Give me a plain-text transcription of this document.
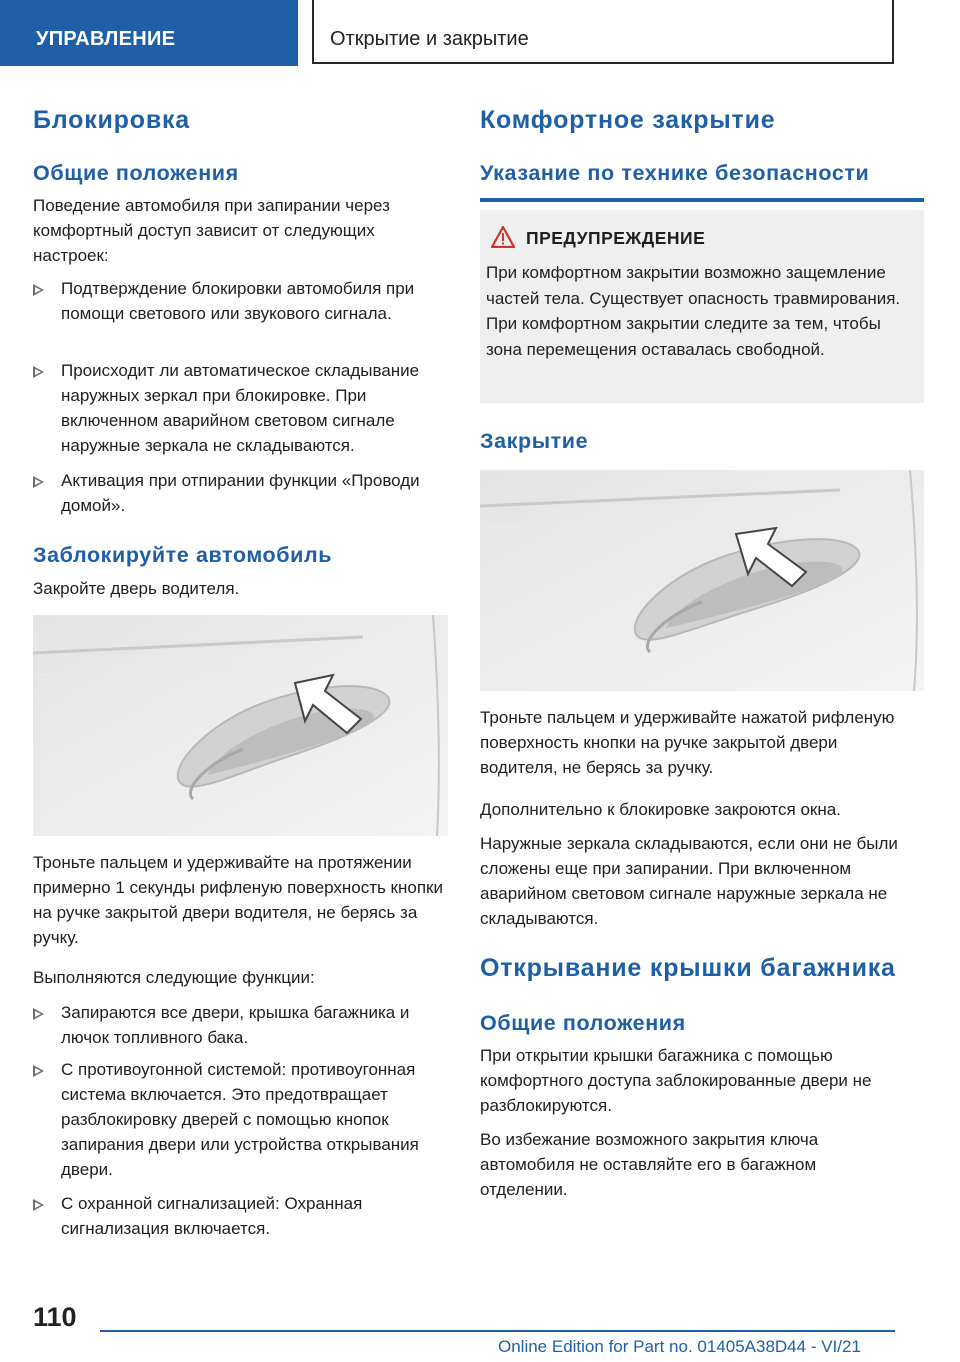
УПРАВЛЕНИЕ	Открытие и закрытие
Блокировка
Общие положения
Поведение автомобиля при запирании через комфортный доступ зависит от следующих настроек:
Подтверждение блокировки автомобиля при помощи светового или звукового сигнала.
Происходит ли автоматическое складывание наружных зеркал при блокировке. При включенном аварийном световом сигнале наружные зеркала не складываются.
Активация при отпирании функции «Проводи домой».
Заблокируйте автомобиль
Закройте дверь водителя.
Троньте пальцем и удерживайте на протяжении примерно 1 секунды рифленую поверхность кнопки на ручке закрытой двери водителя, не берясь за ручку.
Выполняются следующие функции:
Запираются все двери, крышка багажника и лючок топливного бака.
С противоугонной системой: противоугонная система включается. Это предотвращает разблокировку дверей с помощью кнопок запирания двери или устройства открывания двери.
С охранной сигнализацией: Охранная сигнализация включается.
Комфортное закрытие
Указание по технике безопасности
ПРЕДУПРЕЖДЕНИЕ
При комфортном закрытии возможно защемление частей тела. Существует опасность травмирования. При комфортном закрытии следите за тем, чтобы зона перемещения оставалась свободной.
Закрытие
Троньте пальцем и удерживайте нажатой рифленую поверхность кнопки на ручке закрытой двери водителя, не берясь за ручку.
Дополнительно к блокировке закроются окна.
Наружные зеркала складываются, если они не были сложены еще при запирании. При включенном аварийном световом сигнале наружные зеркала не складываются.
Открывание крышки багажника
Общие положения
При открытии крышки багажника с помощью комфортного доступа заблокированные двери не разблокируются.
Во избежание возможного закрытия ключа автомобиля не оставляйте его в багажном отделении.
110
Online Edition for Part no. 01405A38D44 - VI/21
